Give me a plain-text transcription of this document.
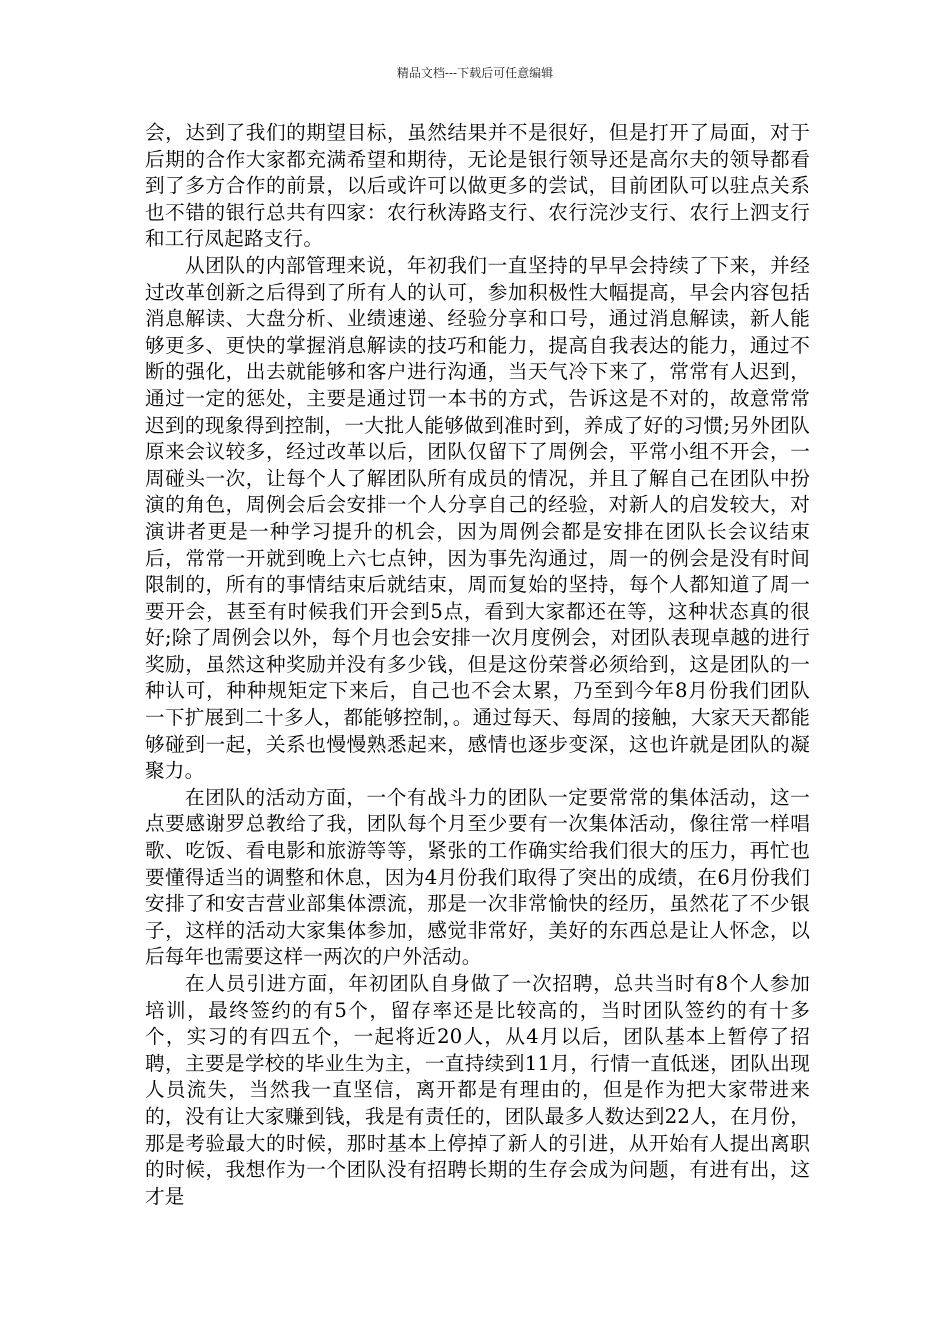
精品文档---下载后可任意编辑

会，达到了我们的期望目标，虽然结果并不是很好，但是打开了局面，对于后期的合作大家都充满希望和期待，无论是银行领导还是高尔夫的领导都看到了多方合作的前景，以后或许可以做更多的尝试，目前团队可以驻点关系也不错的银行总共有四家：农行秋涛路支行、农行浣沙支行、农行上泗支行和工行凤起路支行。

从团队的内部管理来说，年初我们一直坚持的早早会持续了下来，并经过改革创新之后得到了所有人的认可，参加积极性大幅提高，早会内容包括消息解读、大盘分析、业绩速递、经验分享和口号，通过消息解读，新人能够更多、更快的掌握消息解读的技巧和能力，提高自我表达的能力，通过不断的强化，出去就能够和客户进行沟通，当天气冷下来了，常常有人迟到，通过一定的惩处，主要是通过罚一本书的方式，告诉这是不对的，故意常常迟到的现象得到控制，一大批人能够做到准时到，养成了好的习惯;另外团队原来会议较多，经过改革以后，团队仅留下了周例会，平常小组不开会，一周碰头一次，让每个人了解团队所有成员的情况，并且了解自己在团队中扮演的角色，周例会后会安排一个人分享自己的经验，对新人的启发较大，对演讲者更是一种学习提升的机会，因为周例会都是安排在团队长会议结束后，常常一开就到晚上六七点钟，因为事先沟通过，周一的例会是没有时间限制的，所有的事情结束后就结束，周而复始的坚持，每个人都知道了周一要开会，甚至有时候我们开会到5点，看到大家都还在等，这种状态真的很好;除了周例会以外，每个月也会安排一次月度例会，对团队表现卓越的进行奖励，虽然这种奖励并没有多少钱，但是这份荣誉必须给到，这是团队的一种认可，种种规矩定下来后，自己也不会太累，乃至到今年8月份我们团队一下扩展到二十多人，都能够控制，。通过每天、每周的接触，大家天天都能够碰到一起，关系也慢慢熟悉起来，感情也逐步变深，这也许就是团队的凝聚力。

在团队的活动方面，一个有战斗力的团队一定要常常的集体活动，这一点要感谢罗总教给了我，团队每个月至少要有一次集体活动，像往常一样唱歌、吃饭、看电影和旅游等等，紧张的工作确实给我们很大的压力，再忙也要懂得适当的调整和休息，因为4月份我们取得了突出的成绩，在6月份我们安排了和安吉营业部集体漂流，那是一次非常愉快的经历，虽然花了不少银子，这样的活动大家集体参加，感觉非常好，美好的东西总是让人怀念，以后每年也需要这样一两次的户外活动。

在人员引进方面，年初团队自身做了一次招聘，总共当时有8个人参加培训，最终签约的有5个，留存率还是比较高的，当时团队签约的有十多个，实习的有四五个，一起将近20人，从4月以后，团队基本上暂停了招聘，主要是学校的毕业生为主，一直持续到11月，行情一直低迷，团队出现人员流失，当然我一直坚信，离开都是有理由的，但是作为把大家带进来的，没有让大家赚到钱，我是有责任的，团队最多人数达到22人，在月份，那是考验最大的时候，那时基本上停掉了新人的引进，从开始有人提出离职的时候，我想作为一个团队没有招聘长期的生存会成为问题，有进有出，这才是
